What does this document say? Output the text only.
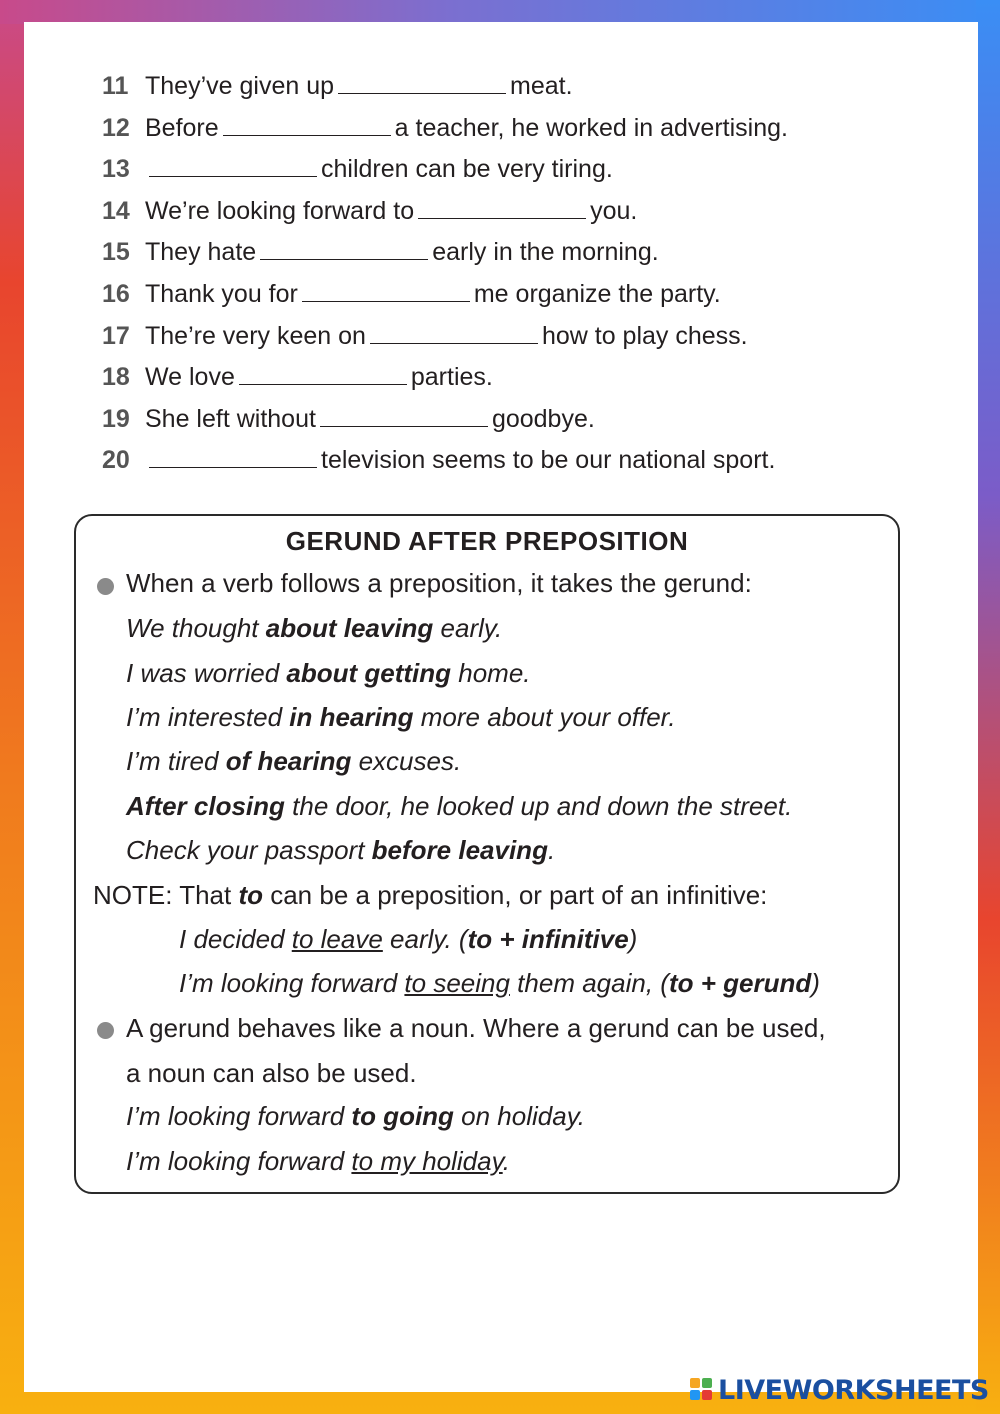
11 They’ve given up	meat.
12 Before	a teacher, he worked in advertising.
13	children can be very tiring.
14 We’re looking forward to	you.
15 They hate	early in the morning.
16 Thank you for	me organize the party.
17 The’re very keen on	how to play chess.
18 We love	parties.
19 She left without	goodbye.
20	television seems to be our national sport.
GERUND AFTER PREPOSITION
When a verb follows a preposition, it takes the gerund:
We thought about leaving early.
I was worried about getting home.
I’m interested in hearing more about your offer.
I’m tired of hearing excuses.
After closing the door, he looked up and down the street.
Check your passport before leaving.
NOTE: That to can be a preposition, or part of an infinitive:
I decided to leave early. (to + infinitive)
I’m looking forward to seeing them again, (to + gerund)
A gerund behaves like a noun. Where a gerund can be used,
a noun can also be used.
I’m looking forward to going on holiday.
I’m looking forward to my holiday.
LIVEWORKSHEETS
